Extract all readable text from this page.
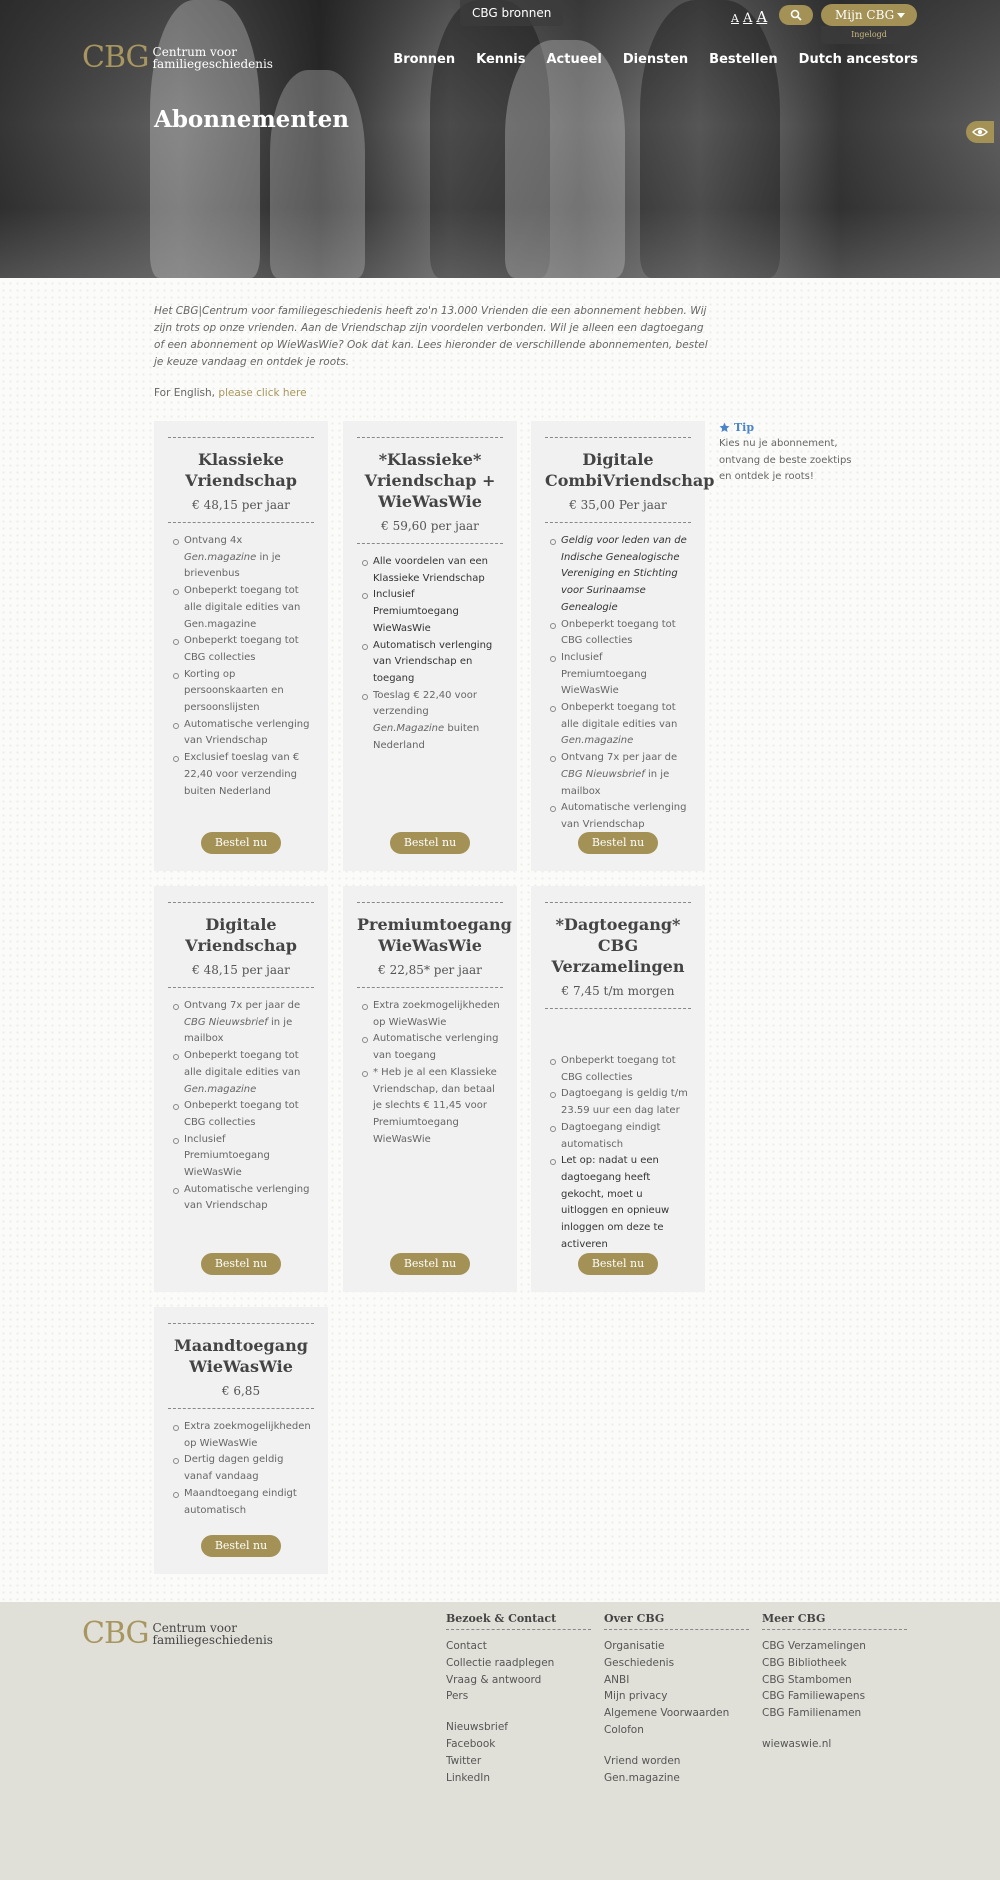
CBG bronnen	A A A	Mijn CBG
Ingelogd
CBG Centrum voor
familiegeschiedenis	Bronnen Kennis Actueel Diensten Bestellen Dutch ancestors
Abonnementen

Het CBG|Centrum voor familiegeschiedenis heeft zo'n 13.000 Vrienden die een abonnement hebben. Wij zijn trots op onze vrienden. Aan de Vriendschap zijn voordelen verbonden. Wil je alleen een dagtoegang of een abonnement op WieWasWie? Ook dat kan. Lees hieronder de verschillende abonnementen, bestel je keuze vandaag en ontdek je roots.

For English, please click here

Klassieke Vriendschap
€ 48,15 per jaar
Ontvang 4x Gen.magazine in je brievenbus
Onbeperkt toegang tot alle digitale edities van Gen.magazine
Onbeperkt toegang tot CBG collecties
Korting op persoonskaarten en persoonslijsten
Automatische verlenging van Vriendschap
Exclusief toeslag van € 22,40 voor verzending buiten Nederland
Bestel nu
*Klassieke* Vriendschap + WieWasWie
€ 59,60 per jaar
Alle voordelen van een Klassieke Vriendschap
Inclusief Premiumtoegang WieWasWie
Automatisch verlenging van Vriendschap en toegang
Toeslag € 22,40 voor verzending Gen.Magazine buiten Nederland
Bestel nu
Digitale CombiVriendschap
€ 35,00 Per jaar
Geldig voor leden van de Indische Genealogische Vereniging en Stichting voor Surinaamse Genealogie
Onbeperkt toegang tot CBG collecties
Inclusief Premiumtoegang WieWasWie
Onbeperkt toegang tot alle digitale edities van Gen.magazine
Ontvang 7x per jaar de CBG Nieuwsbrief in je mailbox
Automatische verlenging van Vriendschap
Bestel nu
Digitale Vriendschap
€ 48,15 per jaar
Ontvang 7x per jaar de CBG Nieuwsbrief in je mailbox
Onbeperkt toegang tot alle digitale edities van Gen.magazine
Onbeperkt toegang tot CBG collecties
Inclusief Premiumtoegang WieWasWie
Automatische verlenging van Vriendschap
Bestel nu
Premiumtoegang WieWasWie
€ 22,85* per jaar
Extra zoekmogelijkheden op WieWasWie
Automatische verlenging van toegang
* Heb je al een Klassieke Vriendschap, dan betaal je slechts € 11,45 voor Premiumtoegang WieWasWie
Bestel nu
*Dagtoegang* CBG Verzamelingen
€ 7,45 t/m morgen
Onbeperkt toegang tot CBG collecties
Dagtoegang is geldig t/m 23.59 uur een dag later
Dagtoegang eindigt automatisch
Let op: nadat u een dagtoegang heeft gekocht, moet u uitloggen en opnieuw inloggen om deze te activeren
Bestel nu
Maandtoegang WieWasWie
€ 6,85
Extra zoekmogelijkheden op WieWasWie
Dertig dagen geldig vanaf vandaag
Maandtoegang eindigt automatisch
Bestel nu
Tip
Kies nu je abonnement, ontvang de beste zoektips en ontdek je roots!
CBG Centrum voor
familiegeschiedenis
Bezoek & Contact
Contact
Collectie raadplegen
Vraag & antwoord
Pers
Nieuwsbrief
Facebook
Twitter
LinkedIn
Over CBG
Organisatie
Geschiedenis
ANBI
Mijn privacy
Algemene Voorwaarden
Colofon
Vriend worden
Gen.magazine
Meer CBG
CBG Verzamelingen
CBG Bibliotheek
CBG Stambomen
CBG Familiewapens
CBG Familienamen
wiewaswie.nl
